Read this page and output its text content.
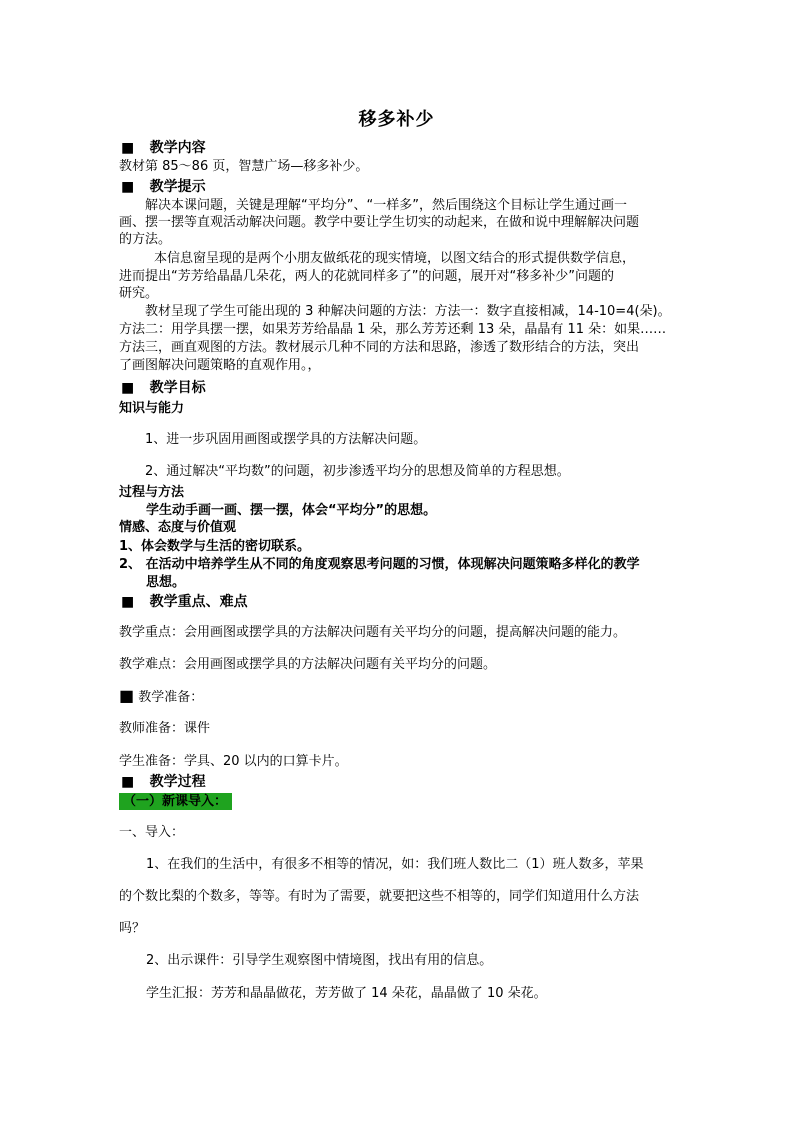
移多补少
■ 教学内容
教材第 85～86 页，智慧广场—移多补少。
■ 教学提示
解决本课问题，关键是理解“平均分”、“一样多”，然后围绕这个目标让学生通过画一
画、摆一摆等直观活动解决问题。教学中要让学生切实的动起来，在做和说中理解解决问题
的方法。
本信息窗呈现的是两个小朋友做纸花的现实情境，以图文结合的形式提供数学信息，
进而提出“芳芳给晶晶几朵花，两人的花就同样多了”的问题，展开对“移多补少”问题的
研究。
教材呈现了学生可能出现的 3 种解决问题的方法：方法一：数字直接相减，14-10=4(朵)。
方法二：用学具摆一摆，如果芳芳给晶晶 1 朵，那么芳芳还剩 13 朵，晶晶有 11 朵：如果……
方法三，画直观图的方法。教材展示几种不同的方法和思路，渗透了数形结合的方法，突出
了画图解决问题策略的直观作用。，
■ 教学目标
知识与能力
1、进一步巩固用画图或摆学具的方法解决问题。
2、通过解决“平均数”的问题，初步渗透平均分的思想及简单的方程思想。
过程与方法
学生动手画一画、摆一摆，体会“平均分”的思想。
情感、态度与价值观
1、体会数学与生活的密切联系。
2、 在活动中培养学生从不同的角度观察思考问题的习惯，体现解决问题策略多样化的教学
思想。
■ 教学重点、难点
教学重点：会用画图或摆学具的方法解决问题有关平均分的问题，提高解决问题的能力。
教学难点：会用画图或摆学具的方法解决问题有关平均分的问题。
■ 教学准备：
教师准备：课件
学生准备：学具、20 以内的口算卡片。
■ 教学过程
（一）新课导入：
一、导入：
1、在我们的生活中，有很多不相等的情况，如：我们班人数比二（1）班人数多，苹果
的个数比梨的个数多，等等。有时为了需要，就要把这些不相等的，同学们知道用什么方法
吗？
2、出示课件：引导学生观察图中情境图，找出有用的信息。
学生汇报：芳芳和晶晶做花，芳芳做了 14 朵花，晶晶做了 10 朵花。
